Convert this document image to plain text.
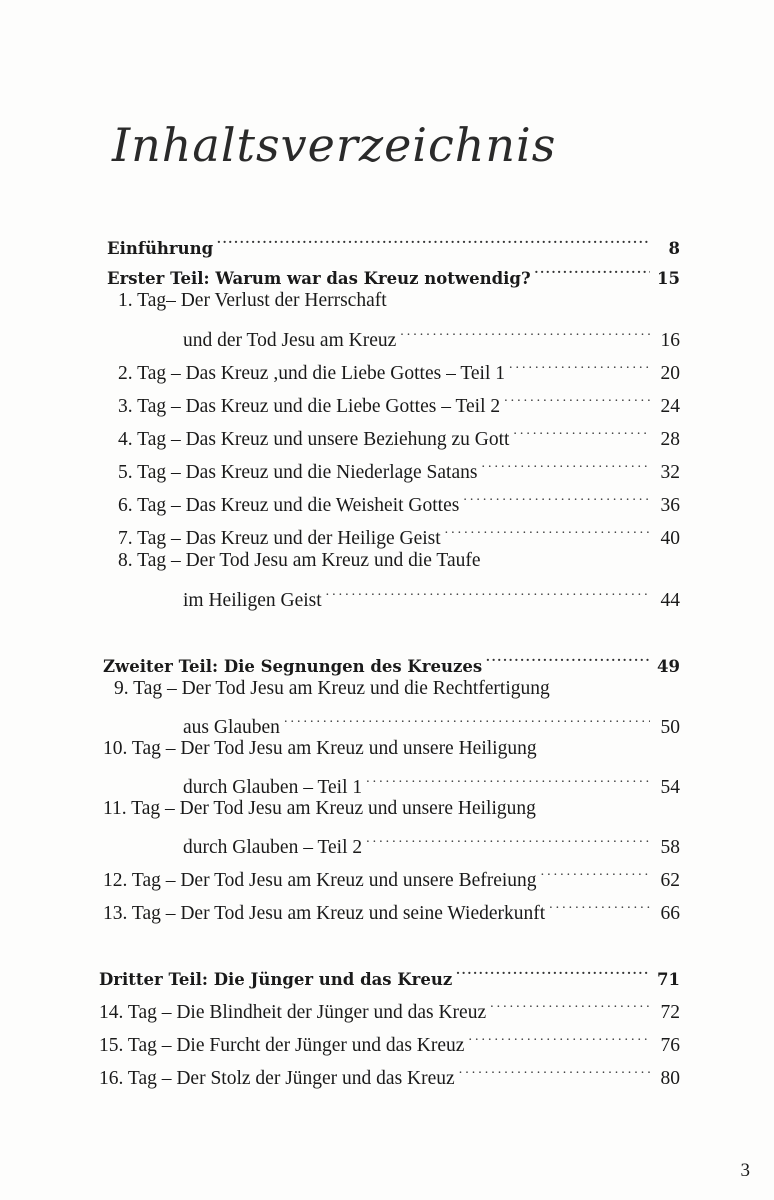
Inhaltsverzeichnis
Einführung .....	8
Erster Teil: Warum war das Kreuz notwendig? .....	15
1. Tag– Der Verlust der Herrschaft
und der Tod Jesu am Kreuz .....	16
2. Tag – Das Kreuz ,und die Liebe Gottes – Teil 1 .....	20
3. Tag – Das Kreuz und die Liebe Gottes – Teil 2 .....	24
4. Tag – Das Kreuz und unsere Beziehung zu Gott .....	28
5. Tag – Das Kreuz und die Niederlage Satans .....	32
6. Tag – Das Kreuz und die Weisheit Gottes .....	36
7. Tag – Das Kreuz und der Heilige Geist .....	40
8. Tag – Der Tod Jesu am Kreuz und die Taufe
im Heiligen Geist .....	44
Zweiter Teil: Die Segnungen des Kreuzes .....	49
9. Tag – Der Tod Jesu am Kreuz und die Rechtfertigung
aus Glauben .....	50
10. Tag – Der Tod Jesu am Kreuz und unsere Heiligung
durch Glauben – Teil 1 .....	54
11. Tag – Der Tod Jesu am Kreuz und unsere Heiligung
durch Glauben – Teil 2 .....	58
12. Tag – Der Tod Jesu am Kreuz und unsere Befreiung .....	62
13. Tag – Der Tod Jesu am Kreuz und seine Wiederkunft .....	66
Dritter Teil: Die Jünger und das Kreuz .....	71
14. Tag – Die Blindheit der Jünger und das Kreuz .....	72
15. Tag – Die Furcht der Jünger und das Kreuz .....	76
16. Tag – Der Stolz der Jünger und das Kreuz .....	80
3
